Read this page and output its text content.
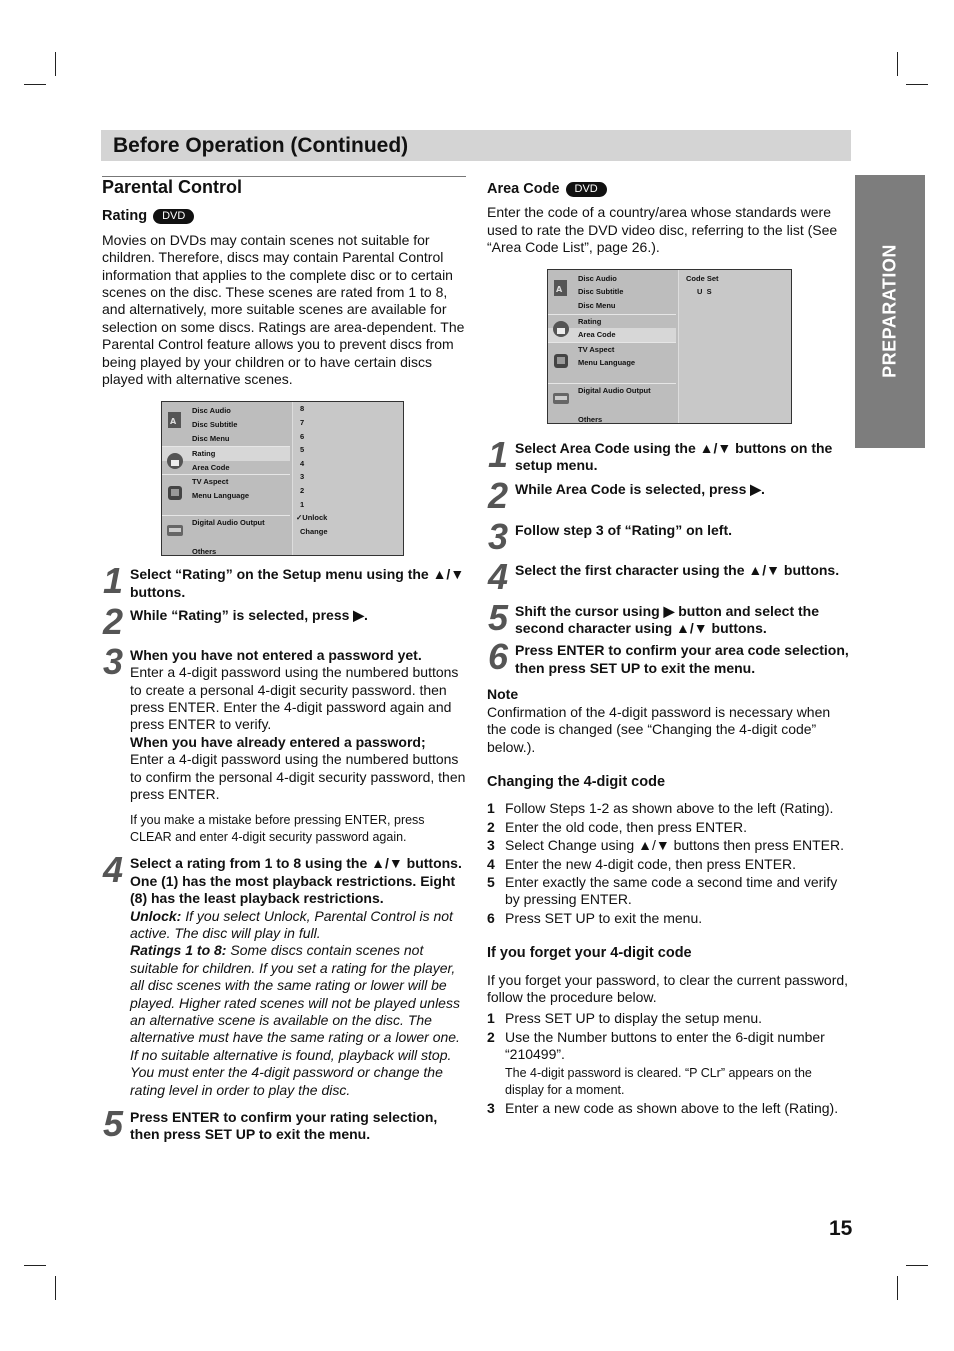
Before Operation (Continued)
PREPARATION
Parental Control
Rating DVD

Movies on DVDs may contain scenes not suitable for children. Therefore, discs may contain Parental Control information that applies to the complete disc or to certain scenes on the disc. These scenes are rated from 1 to 8, and alternatively, more suitable scenes are available for selection on some discs. Ratings are area-dependent. The Parental Control feature allows you to prevent discs from being played by your children or to have certain discs played with alternative scenes.

A
Disc Audio
Disc Subtitle
Disc Menu
Rating
Area Code
TV Aspect
Menu Language
Digital Audio Output
Others
8
7
6
5
4
3
2
1
✓Unlock
Change
1 Select “Rating” on the Setup menu using the ▲/▼ buttons.
2 While “Rating” is selected, press ▶.
3 When you have not entered a password yet.
Enter a 4-digit password using the numbered buttons to create a personal 4-digit security password. then press ENTER. Enter the 4-digit password again and press ENTER to verify.
When you have already entered a password;
Enter a 4-digit password using the numbered buttons to confirm the personal 4-digit security password, then press ENTER.

If you make a mistake before pressing ENTER, press CLEAR and enter 4-digit security password again.

4 Select a rating from 1 to 8 using the ▲/▼ buttons. One (1) has the most playback restrictions. Eight (8) has the least playback restrictions.
Unlock: If you select Unlock, Parental Control is not active. The disc will play in full.
Ratings 1 to 8: Some discs contain scenes not suitable for children. If you set a rating for the player, all disc scenes with the same rating or lower will be played. Higher rated scenes will not be played unless an alternative scene is available on the disc. The alternative must have the same rating or a lower one. If no suitable alternative is found, playback will stop. You must enter the 4-digit password or change the rating level in order to play the disc.
5 Press ENTER to confirm your rating selection, then press SET UP to exit the menu.
Area Code DVD

Enter the code of a country/area whose standards were used to rate the DVD video disc, referring to the list (See “Area Code List”, page 26.).

A
Disc Audio
Disc Subtitle
Disc Menu
Rating
Area Code
TV Aspect
Menu Language
Digital Audio Output
Others
Code Set
U  S
1 Select Area Code using the ▲/▼ buttons on the setup menu.
2 While Area Code is selected, press ▶.
3 Follow step 3 of “Rating” on left.
4 Select the first character using the ▲/▼ buttons.
5 Shift the cursor using ▶ button and select the second character using ▲/▼ buttons.
6 Press ENTER to confirm your area code selection, then press SET UP to exit the menu.
Note

Confirmation of the 4-digit password is necessary when the code is changed (see “Changing the 4-digit code” below.).

Changing the 4-digit code
1 Follow Steps 1-2 as shown above to the left (Rating).
2 Enter the old code, then press ENTER.
3 Select Change using ▲/▼ buttons then press ENTER.
4 Enter the new 4-digit code, then press ENTER.
5 Enter exactly the same code a second time and verify by pressing ENTER.
6 Press SET UP to exit the menu.
If you forget your 4-digit code

If you forget your password, to clear the current password, follow the procedure below.

1 Press SET UP to display the setup menu.
2 Use the Number buttons to enter the 6-digit number “210499”.
The 4-digit password is cleared. “P CLr” appears on the display for a moment.
3 Enter a new code as shown above to the left (Rating).
15
